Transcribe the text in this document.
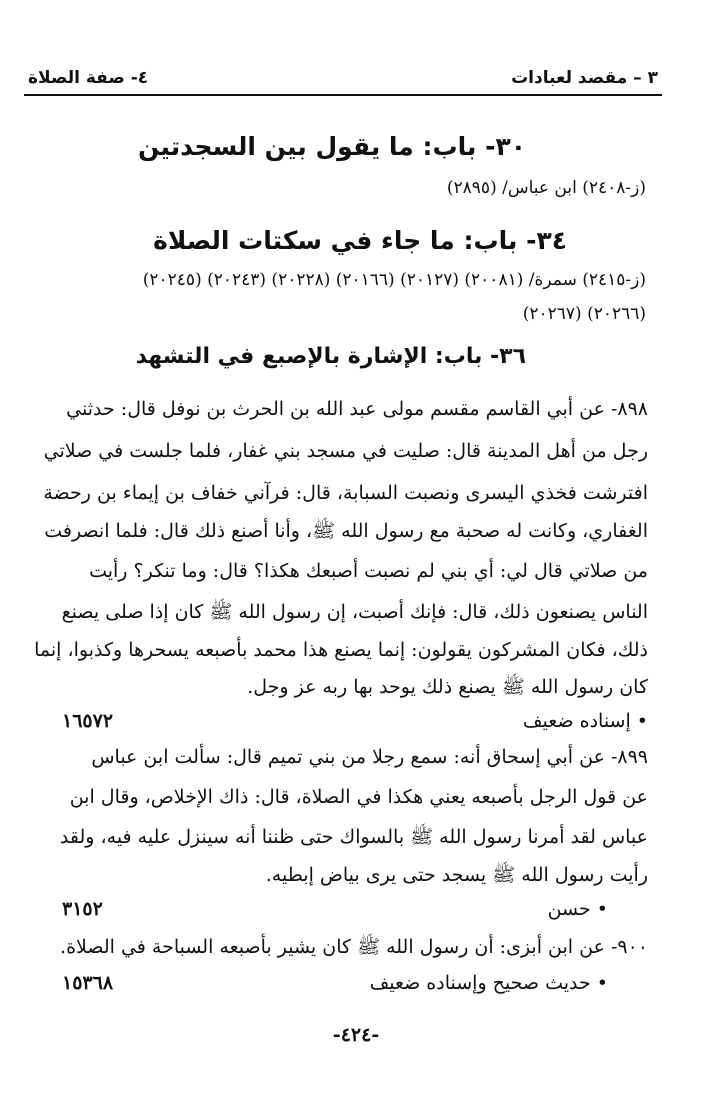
٣ – مقصد لعبادات
٤- صفة الصلاة
٣٠- باب: ما يقول بين السجدتين
(ز-٢٤٠٨) ابن عباس/ (٢٨٩٥)
٣٤- باب: ما جاء في سكتات الصلاة
(ز-٢٤١٥) سمرة/ (٢٠٠٨١) (٢٠١٢٧) (٢٠١٦٦) (٢٠٢٢٨) (٢٠٢٤٣) (٢٠٢٤٥)
(٢٠٢٦٦) (٢٠٢٦٧)
٣٦- باب: الإشارة بالإصبع في التشهد
٨٩٨- عن أبي القاسم مقسم مولى عبد الله بن الحرث بن نوفل قال: حدثني
رجل من أهل المدينة قال: صليت في مسجد بني غفار، فلما جلست في صلاتي
افترشت فخذي اليسرى ونصبت السبابة، قال: فرآني خفاف بن إيماء بن رحضة
الغفاري، وكانت له صحبة مع رسول الله ﷺ، وأنا أصنع ذلك قال: فلما انصرفت
من صلاتي قال لي: أي بني لم نصبت أصبعك هكذا؟ قال: وما تنكر؟ رأيت
الناس يصنعون ذلك، قال: فإنك أصبت، إن رسول الله ﷺ كان إذا صلى يصنع
ذلك، فكان المشركون يقولون: إنما يصنع هذا محمد بأصبعه يسحرها وكذبوا، إنما
كان رسول الله ﷺ يصنع ذلك يوحد بها ربه عز وجل.
• إسناده ضعيف
١٦٥٧٢
٨٩٩- عن أبي إسحاق أنه: سمع رجلا من بني تميم قال: سألت ابن عباس
عن قول الرجل بأصبعه يعني هكذا في الصلاة، قال: ذاك الإخلاص، وقال ابن
عباس لقد أمرنا رسول الله ﷺ بالسواك حتى ظننا أنه سينزل عليه فيه، ولقد
رأيت رسول الله ﷺ يسجد حتى يرى بياض إبطيه.
• حسن
٣١٥٢
٩٠٠- عن ابن أبزى: أن رسول الله ﷺ كان يشير بأصبعه السباحة في الصلاة.
• حديث صحيح وإسناده ضعيف
١٥٣٦٨
-٤٢٤-
